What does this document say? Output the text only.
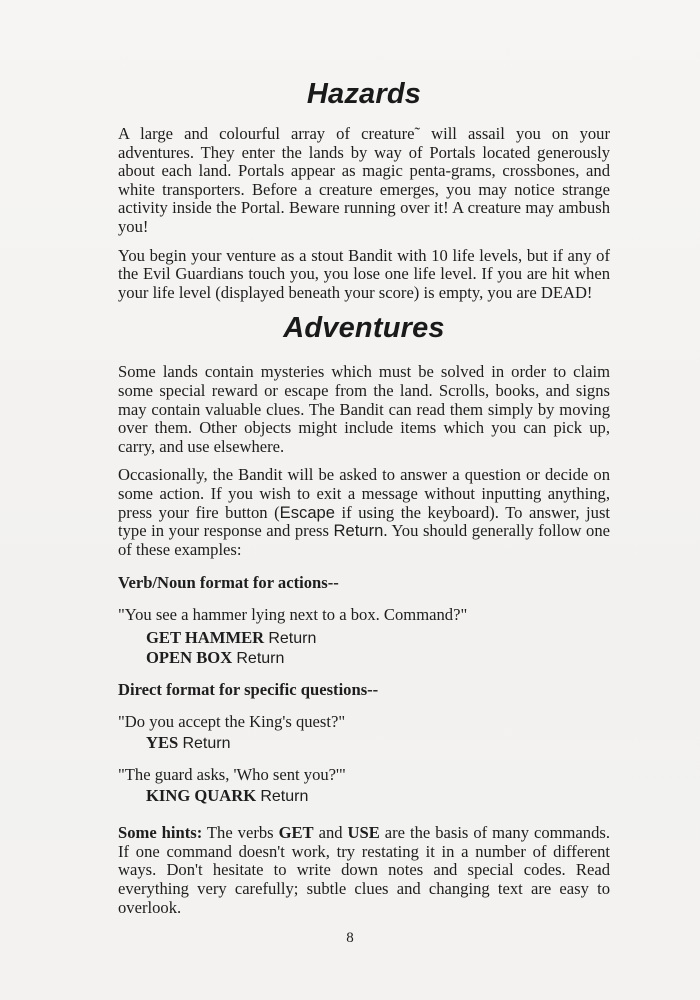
Hazards

A large and colourful array of creature˜ will assail you on your adventures. They enter the lands by way of Portals located generously about each land. Portals appear as magic penta-grams, crossbones, and white transporters. Before a creature emerges, you may notice strange activity inside the Portal. Beware running over it! A creature may ambush you!

You begin your venture as a stout Bandit with 10 life levels, but if any of the Evil Guardians touch you, you lose one life level. If you are hit when your life level (displayed beneath your score) is empty, you are DEAD!

Adventures

Some lands contain mysteries which must be solved in order to claim some special reward or escape from the land. Scrolls, books, and signs may contain valuable clues. The Bandit can read them simply by moving over them. Other objects might include items which you can pick up, carry, and use elsewhere.

Occasionally, the Bandit will be asked to answer a question or decide on some action. If you wish to exit a message without inputting anything, press your fire button (Escape if using the keyboard). To answer, just type in your response and press Return. You should generally follow one of these examples:

Verb/Noun format for actions--
"You see a hammer lying next to a box. Command?"
GET HAMMER Return
OPEN BOX Return
Direct format for specific questions--
"Do you accept the King's quest?"
YES Return
"The guard asks, 'Who sent you?'"
KING QUARK Return

Some hints: The verbs GET and USE are the basis of many commands. If one command doesn't work, try restating it in a number of different ways. Don't hesitate to write down notes and special codes. Read everything very carefully; subtle clues and changing text are easy to overlook.

8
